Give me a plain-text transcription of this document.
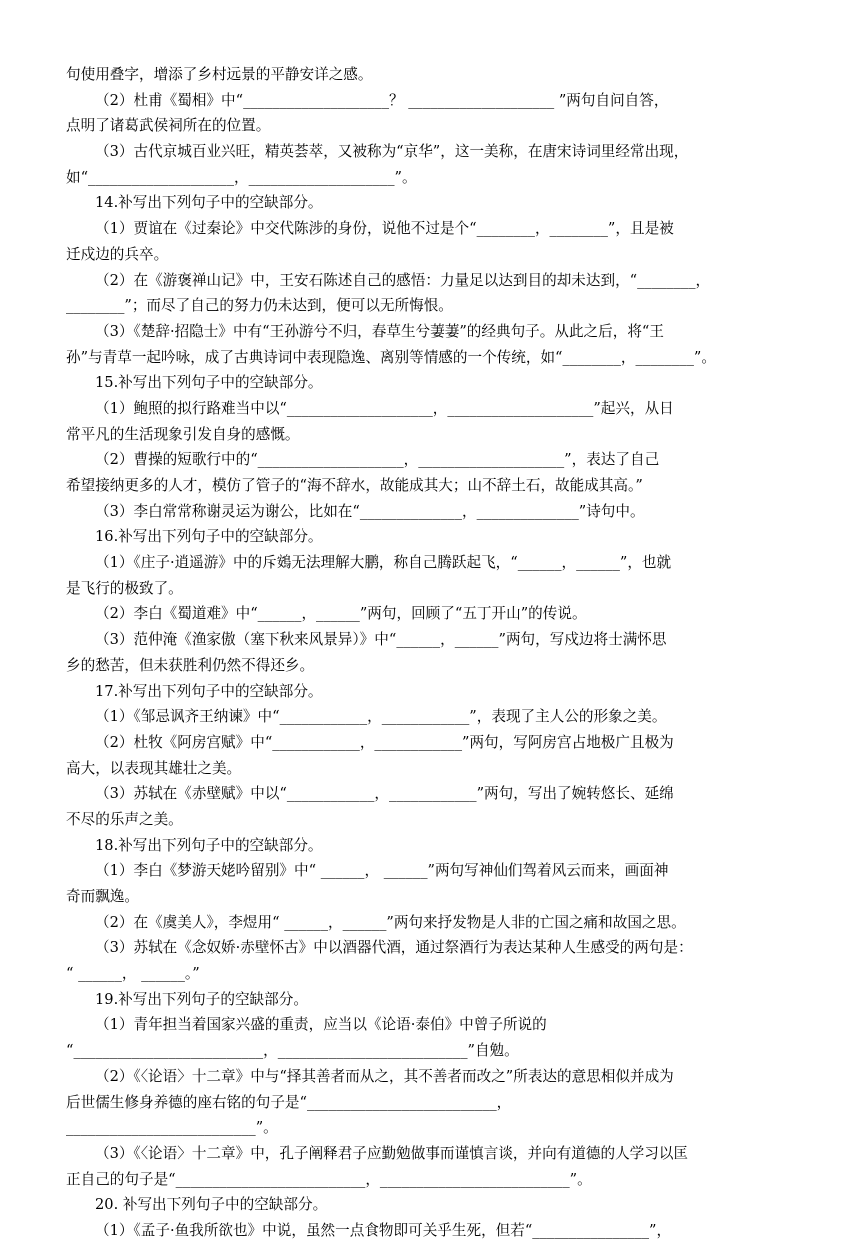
句使用叠字，增添了乡村远景的平静安详之感。
（2）杜甫《蜀相》中“____________________？ ____________________ ”两句自问自答，
点明了诸葛武侯祠所在的位置。
（3）古代京城百业兴旺，精英荟萃，又被称为“京华”，这一美称，在唐宋诗词里经常出现，
如“____________________，____________________”。
14.补写出下列句子中的空缺部分。
（1）贾谊在《过秦论》中交代陈涉的身份，说他不过是个“________，________”，且是被
迁戍边的兵卒。
（2）在《游褒禅山记》中，王安石陈述自己的感悟：力量足以达到目的却未达到，“________，
________”；而尽了自己的努力仍未达到，便可以无所悔恨。
（3）《楚辞·招隐士》中有“王孙游兮不归，春草生兮萋萋”的经典句子。从此之后，将“王
孙”与青草一起吟咏，成了古典诗词中表现隐逸、离别等情感的一个传统，如“________，________”。
15.补写出下列句子中的空缺部分。
（1）鲍照的拟行路难当中以“____________________，____________________”起兴，从日
常平凡的生活现象引发自身的感慨。
（2）曹操的短歌行中的“____________________，____________________”，表达了自己
希望接纳更多的人才，模仿了管子的“海不辞水，故能成其大；山不辞土石，故能成其高。”
（3）李白常常称谢灵运为谢公，比如在“______________，______________”诗句中。
16.补写出下列句子中的空缺部分。
（1）《庄子·逍遥游》中的斥鴳无法理解大鹏，称自己腾跃起飞，“______，______”，也就
是飞行的极致了。
（2）李白《蜀道难》中“______，______”两句，回顾了“五丁开山”的传说。
（3）范仲淹《渔家傲（塞下秋来风景异）》中“______，______”两句，写戍边将士满怀思
乡的愁苦，但未获胜利仍然不得还乡。
17.补写出下列句子中的空缺部分。
（1）《邹忌讽齐王纳谏》中“____________，____________”，表现了主人公的形象之美。
（2）杜牧《阿房宫赋》中“____________，____________”两句，写阿房宫占地极广且极为
高大，以表现其雄壮之美。
（3）苏轼在《赤壁赋》中以“____________，____________”两句，写出了婉转悠长、延绵
不尽的乐声之美。
18.补写出下列句子中的空缺部分。
（1）李白《梦游天姥吟留别》中“ ______， ______”两句写神仙们驾着风云而来，画面神
奇而飘逸。
（2）在《虞美人》，李煜用“ ______，______”两句来抒发物是人非的亡国之痛和故国之思。
（3）苏轼在《念奴娇·赤壁怀古》中以酒器代酒，通过祭酒行为表达某种人生感受的两句是：
“ ______， ______。”
19.补写出下列句子的空缺部分。
（1）青年担当着国家兴盛的重责，应当以《论语·泰伯》中曾子所说的
“__________________________，__________________________”自勉。
（2）《〈论语〉十二章》中与“择其善者而从之，其不善者而改之”所表达的意思相似并成为
后世儒生修身养德的座右铭的句子是“__________________________，
__________________________”。
（3）《〈论语〉十二章》中，孔子阐释君子应勤勉做事而谨慎言谈，并向有道德的人学习以匡
正自己的句子是“__________________________，__________________________”。
20. 补写出下列句子中的空缺部分。
（1）《孟子·鱼我所欲也》中说，虽然一点食物即可关乎生死，但若“________________”，
